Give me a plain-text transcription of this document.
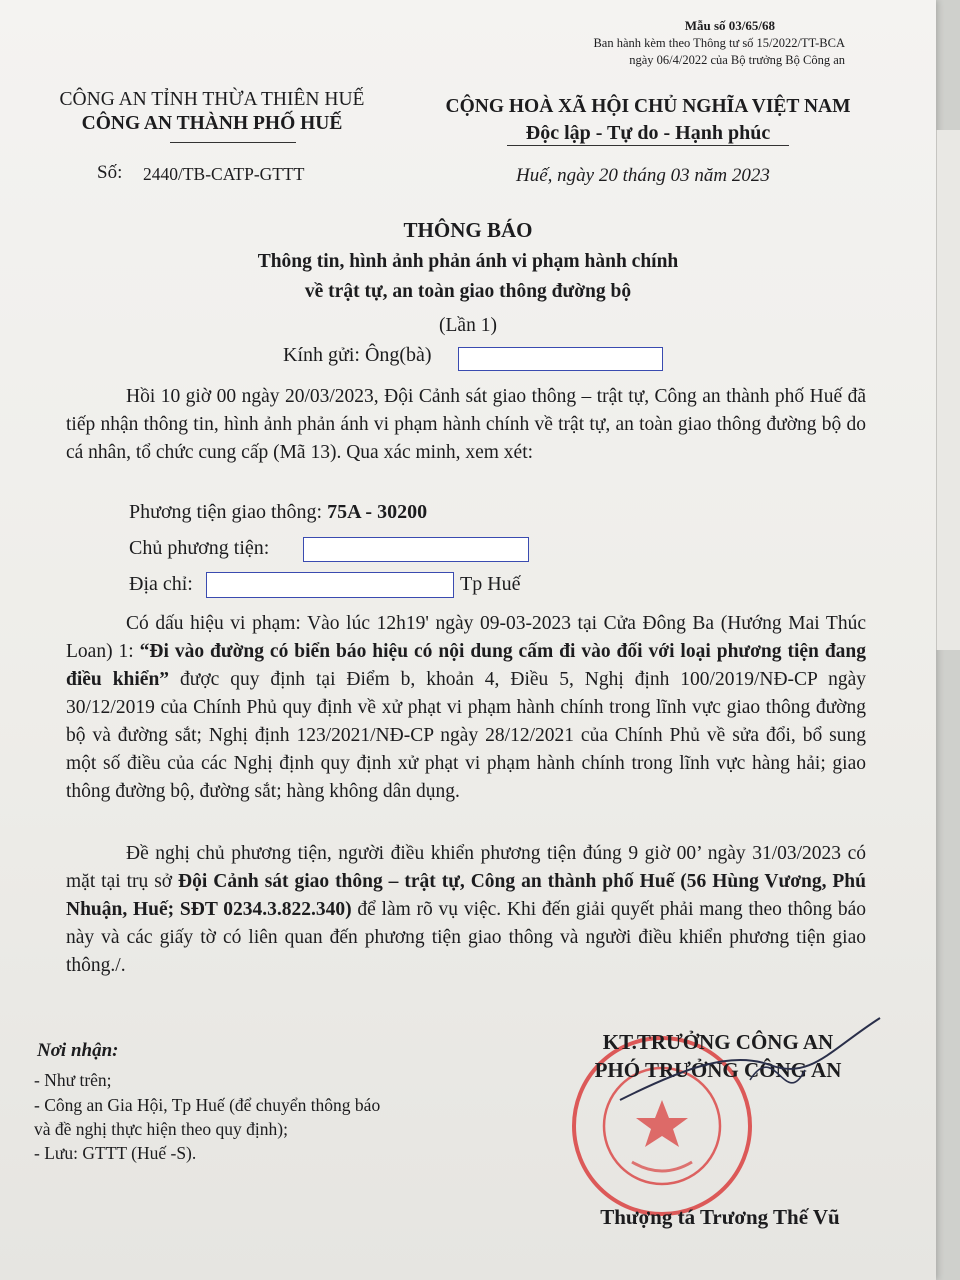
Mẫu số 03/65/68
Ban hành kèm theo Thông tư số 15/2022/TT-BCA
ngày 06/4/2022 của Bộ trưởng Bộ Công an
CÔNG AN TỈNH THỪA THIÊN HUẾ
CÔNG AN THÀNH PHỐ HUẾ
Số: 2440/TB-CATP-GTTT
CỘNG HOÀ XÃ HỘI CHỦ NGHĨA VIỆT NAM
Độc lập - Tự do - Hạnh phúc
Huế, ngày 20 tháng 03 năm 2023
THÔNG BÁO
Thông tin, hình ảnh phản ánh vi phạm hành chính
về trật tự, an toàn giao thông đường bộ
(Lần 1)
Kính gửi: Ông(bà)
Hồi 10 giờ 00 ngày 20/03/2023, Đội Cảnh sát giao thông – trật tự, Công an thành phố Huế đã tiếp nhận thông tin, hình ảnh phản ánh vi phạm hành chính về trật tự, an toàn giao thông đường bộ do cá nhân, tổ chức cung cấp (Mã 13). Qua xác minh, xem xét:
Phương tiện giao thông: 75A - 30200
Chủ phương tiện:
Địa chỉ:	Tp Huế
Có dấu hiệu vi phạm: Vào lúc 12h19' ngày 09-03-2023 tại Cửa Đông Ba (Hướng Mai Thúc Loan) 1: “Đi vào đường có biển báo hiệu có nội dung cấm đi vào đối với loại phương tiện đang điều khiển” được quy định tại Điểm b, khoản 4, Điều 5, Nghị định 100/2019/NĐ-CP ngày 30/12/2019 của Chính Phủ quy định về xử phạt vi phạm hành chính trong lĩnh vực giao thông đường bộ và đường sắt; Nghị định 123/2021/NĐ-CP ngày 28/12/2021 của Chính Phủ về sửa đổi, bổ sung một số điều của các Nghị định quy định xử phạt vi phạm hành chính trong lĩnh vực hàng hải; giao thông đường bộ, đường sắt; hàng không dân dụng.
Đề nghị chủ phương tiện, người điều khiển phương tiện đúng 9 giờ 00’ ngày 31/03/2023 có mặt tại trụ sở Đội Cảnh sát giao thông – trật tự, Công an thành phố Huế (56 Hùng Vương, Phú Nhuận, Huế; SĐT 0234.3.822.340) để làm rõ vụ việc. Khi đến giải quyết phải mang theo thông báo này và các giấy tờ có liên quan đến phương tiện giao thông và người điều khiển phương tiện giao thông./.
Nơi nhận:
- Như trên;
- Công an Gia Hội, Tp Huế (để chuyển thông báo
và đề nghị thực hiện theo quy định);
- Lưu: GTTT (Huế -S).
KT.TRƯỞNG CÔNG AN
PHÓ TRƯỞNG CÔNG AN
Thượng tá Trương Thế Vũ
